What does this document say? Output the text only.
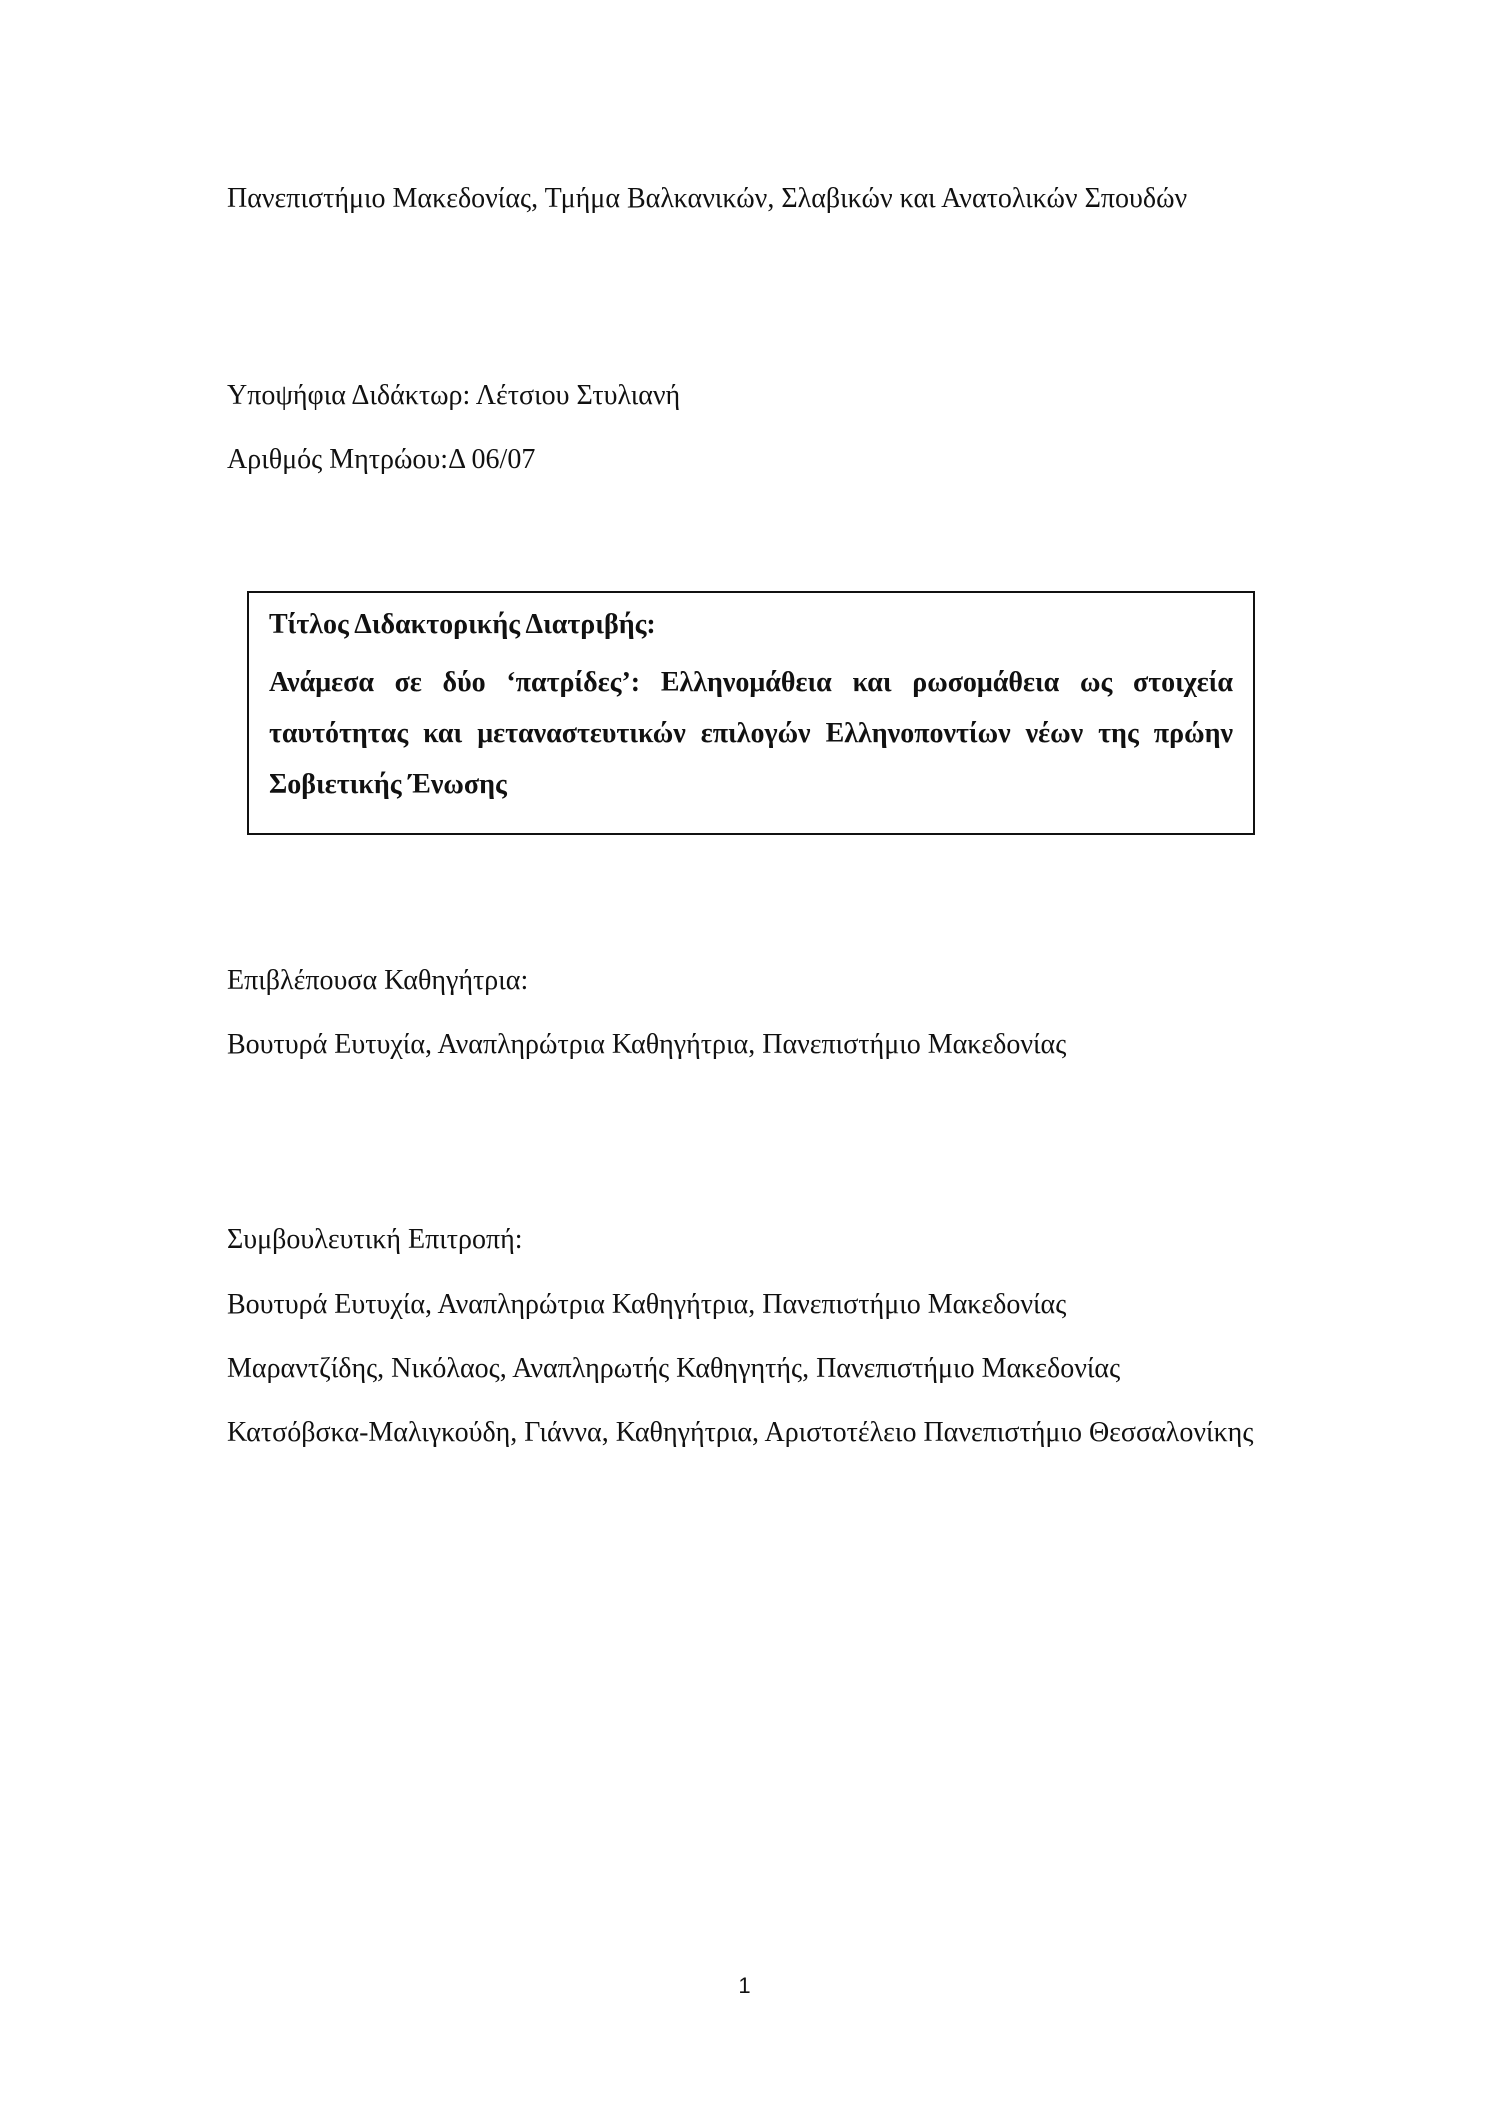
Πανεπιστήμιο Μακεδονίας, Τμήμα Βαλκανικών, Σλαβικών και Ανατολικών Σπουδών
Υποψήφια Διδάκτωρ: Λέτσιου Στυλιανή
Αριθμός Μητρώου:Δ 06/07
Τίτλος Διδακτορικής Διατριβής:
Ανάμεσα σε δύο ‘πατρίδες’: Ελληνομάθεια και ρωσομάθεια ως στοιχεία ταυτότητας και μεταναστευτικών επιλογών Ελληνοποντίων νέων της πρώην Σοβιετικής Ένωσης
Επιβλέπουσα Καθηγήτρια:
Βουτυρά Ευτυχία, Αναπληρώτρια Καθηγήτρια, Πανεπιστήμιο Μακεδονίας
Συμβουλευτική Επιτροπή:
Βουτυρά Ευτυχία, Αναπληρώτρια Καθηγήτρια, Πανεπιστήμιο Μακεδονίας
Μαραντζίδης, Νικόλαος, Αναπληρωτής Καθηγητής, Πανεπιστήμιο Μακεδονίας
Κατσόβσκα-Μαλιγκούδη, Γιάννα, Καθηγήτρια, Αριστοτέλειο Πανεπιστήμιο Θεσσαλονίκης
1
